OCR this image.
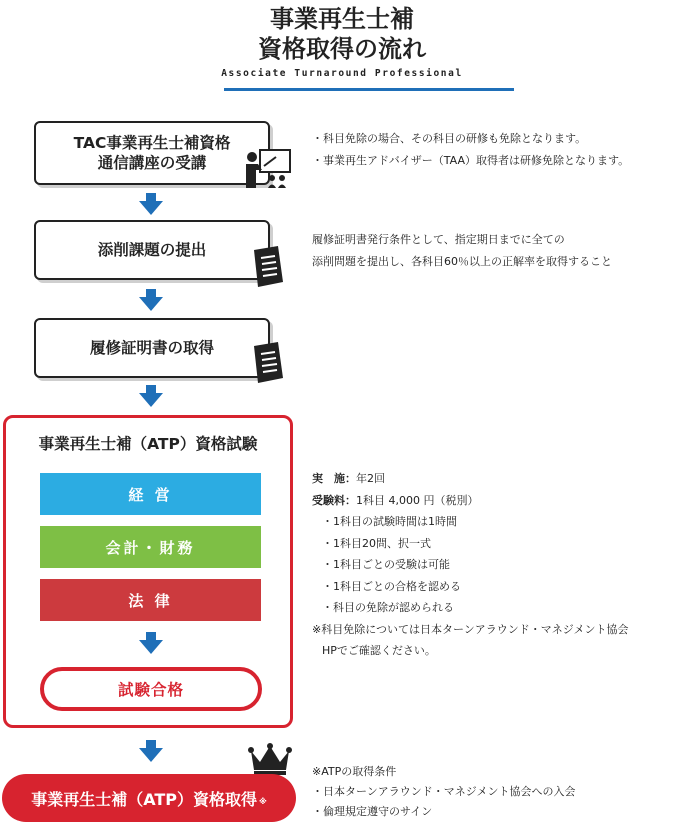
事業再生士補
資格取得の流れ
Associate Turnaround Professional
TAC事業再生士補資格
通信講座の受講

・科目免除の場合、その科目の研修も免除となります。

・事業再生アドバイザー（TAA）取得者は研修免除となります。

添削課題の提出

履修証明書発行条件として、指定期日までに全ての

添削問題を提出し、各科目60％以上の正解率を取得すること

履修証明書の取得
事業再生士補（ATP）資格試験
経 営
会計・財務
法 律
試験合格

実　施：年2回

受験料：1科目 4,000 円（税別）

・1科目の試験時間は1時間

・1科目20問、択一式

・1科目ごとの受験は可能

・1科目ごとの合格を認める

・科目の免除が認められる

※科目免除については日本ターンアラウンド・マネジメント協会

HPでご確認ください。

事業再生士補（ATP）資格取得 ※

※ATPの取得条件

・日本ターンアラウンド・マネジメント協会への入会

・倫理規定遵守のサイン
